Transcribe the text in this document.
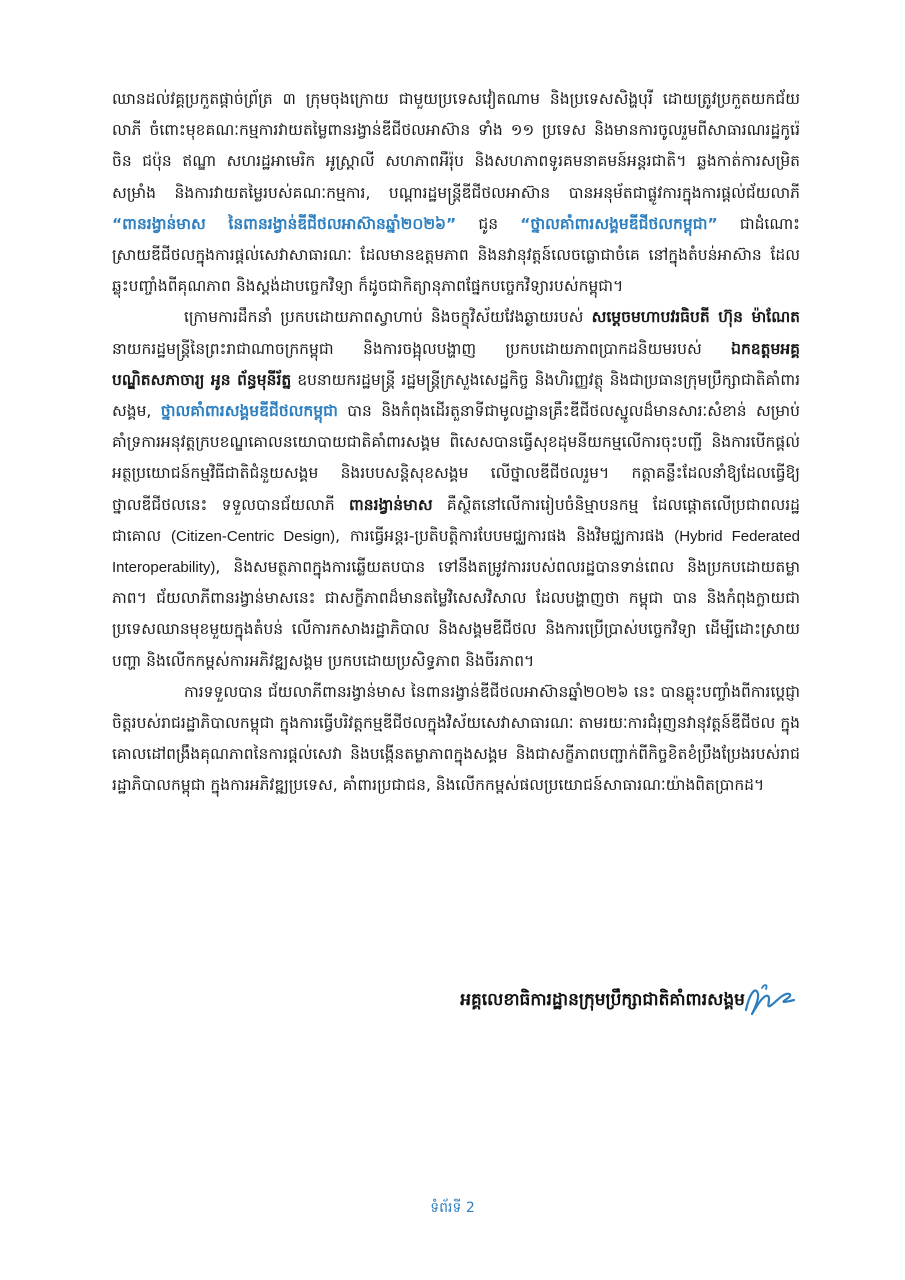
ឈានដល់វគ្គប្រកួតផ្តាច់ព្រ័ត្រ ៣ ក្រុមចុងក្រោយ ជាមួយប្រទេសវៀតណាម និងប្រទេសសិង្ហបុរី ដោយត្រូវប្រកួតយកជ័យលាភី ចំពោះមុខគណៈកម្មការវាយតម្លៃពានរង្វាន់ឌីជីថលអាស៊ាន ទាំង ១១ ប្រទេស និងមានការចូលរួមពីសាធារណរដ្ឋកូរ៉េ ចិន ជប៉ុន ឥណ្ឌា សហរដ្ឋអាមេរិក អូស្ត្រាលី សហភាពអឺរ៉ុប និងសហភាពទូរគមនាគមន៍អន្តរជាតិ។ ឆ្លងកាត់ការសម្រិតសម្រាំង និងការវាយតម្លៃរបស់គណៈកម្មការ, បណ្តារដ្ឋមន្ត្រីឌីជីថលអាស៊ាន បានអនុម័តជាផ្លូវការក្នុងការផ្តល់ជ័យលាភី “ពានរង្វាន់មាស នៃពានរង្វាន់ឌីជីថលអាស៊ានឆ្នាំ២០២៦” ជូន “ថ្នាលគាំពារសង្គមឌីជីថលកម្ពុជា” ជាដំណោះស្រាយឌីជីថលក្នុងការផ្តល់សេវាសាធារណៈ ដែលមានឧត្តមភាព និងនវានុវត្តន៍លេចធ្លោជាចំគេ នៅក្នុងតំបន់អាស៊ាន ដែលឆ្លុះបញ្ចាំងពីគុណភាព និងស្តង់ដាបច្ចេកវិទ្យា ក៏ដូចជាកិត្យានុភាពផ្នែកបច្ចេកវិទ្យារបស់កម្ពុជា។

ក្រោមការដឹកនាំ ប្រកបដោយភាពស្វាហាប់ និងចក្ខុវិស័យវែងឆ្ងាយរបស់ សម្តេចមហាបវរធិបតី ហ៊ុន ម៉ាណែត នាយករដ្ឋមន្ត្រីនៃព្រះរាជាណាចក្រកម្ពុជា និងការចង្អុលបង្ហាញ ប្រកបដោយភាពប្រាកដនិយមរបស់ ឯកឧត្តមអគ្គបណ្ឌិតសភាចារ្យ អូន ព័ន្ធមុនីរ័ត្ន ឧបនាយករដ្ឋមន្ត្រី រដ្ឋមន្ត្រីក្រសួងសេដ្ឋកិច្ច និងហិរញ្ញវត្ថុ និងជាប្រធានក្រុមប្រឹក្សាជាតិគាំពារសង្គម, ថ្នាលគាំពារសង្គមឌីជីថលកម្ពុជា បាន និងកំពុងដើរតួនាទីជាមូលដ្ឋានគ្រឹះឌីជីថលស្នូលដ៏មានសារៈសំខាន់ សម្រាប់គាំទ្រការអនុវត្តក្របខណ្ឌគោលនយោបាយជាតិគាំពារសង្គម ពិសេសបានធ្វើសុខដុមនីយកម្មលើការចុះបញ្ជី និងការបើកផ្តល់អត្ថប្រយោជន៍កម្មវិធីជាតិជំនួយសង្គម និងរបបសន្តិសុខសង្គម លើថ្នាលឌីជីថលរួម។ កត្តាគន្លឹះដែលនាំឱ្យដែលធ្វើឱ្យថ្នាលឌីជីថលនេះ ទទួលបានជ័យលាភី ពានរង្វាន់មាស គឺស្ថិតនៅលើការរៀបចំនិម្មាបនកម្ម ដែលផ្តោតលើប្រជាពលរដ្ឋជាគោល (Citizen-Centric Design), ការធ្វើអន្តរ-ប្រតិបត្តិការបែបមជ្ឈការផង និងវិមជ្ឈការផង (Hybrid Federated Interoperability), និងសមត្ថភាពក្នុងការឆ្លើយតបបាន ទៅនឹងតម្រូវការរបស់ពលរដ្ឋបានទាន់ពេល និងប្រកបដោយតម្លាភាព។ ជ័យលាភីពានរង្វាន់មាសនេះ ជាសក្ខីភាពដ៏មានតម្លៃវិសេសវិសាល ដែលបង្ហាញថា កម្ពុជា បាន និងកំពុងក្លាយជាប្រទេសឈានមុខមួយក្នុងតំបន់ លើការកសាងរដ្ឋាភិបាល និងសង្គមឌីជីថល និងការប្រើប្រាស់បច្ចេកវិទ្យា ដើម្បីដោះស្រាយបញ្ហា និងលើកកម្ពស់ការអភិវឌ្ឍសង្គម ប្រកបដោយប្រសិទ្ធភាព និងចីរភាព។

ការទទួលបាន ជ័យលាភីពានរង្វាន់មាស នៃពានរង្វាន់ឌីជីថលអាស៊ានឆ្នាំ២០២៦ នេះ បានឆ្លុះបញ្ចាំងពីការប្តេជ្ញាចិត្តរបស់រាជរដ្ឋាភិបាលកម្ពុជា ក្នុងការធ្វើបរិវត្តកម្មឌីជីថលក្នុងវិស័យសេវាសាធារណៈ តាមរយៈការជំរុញនវានុវត្តន៍ឌីជីថល ក្នុងគោលដៅពង្រឹងគុណភាពនៃការផ្តល់សេវា និងបង្កើនតម្លាភាពក្នុងសង្គម និងជាសក្ខីភាពបញ្ជាក់ពីកិច្ចខិតខំប្រឹងប្រែងរបស់រាជរដ្ឋាភិបាលកម្ពុជា ក្នុងការអភិវឌ្ឍប្រទេស, គាំពារប្រជាជន, និងលើកកម្ពស់ផលប្រយោជន៍សាធារណៈយ៉ាងពិតប្រាកដ។

អគ្គលេខាធិការដ្ឋានក្រុមប្រឹក្សាជាតិគាំពារសង្គម
ទំព័រទី 2
